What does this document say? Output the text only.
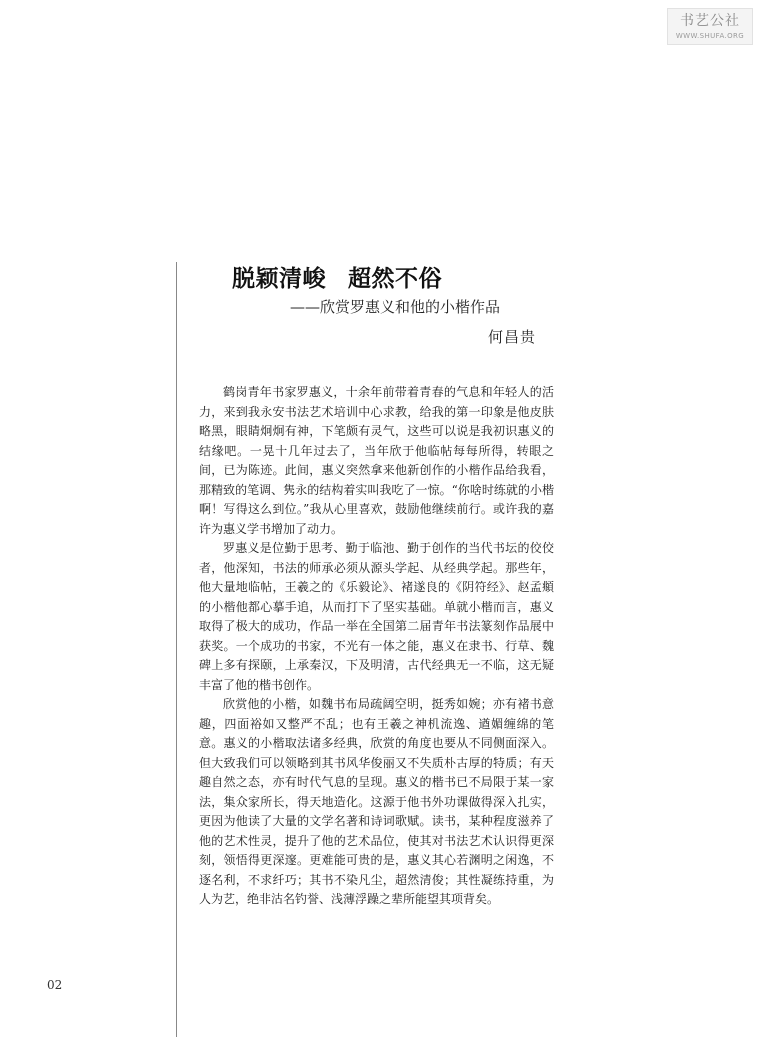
书艺公社
WWW.SHUFA.ORG
脱颖清峻 超然不俗
——欣赏罗惠义和他的小楷作品
何昌贵

鹤岗青年书家罗惠义，十余年前带着青春的气息和年轻人的活力，来到我永安书法艺术培训中心求教，给我的第一印象是他皮肤略黑，眼睛炯炯有神，下笔颇有灵气，这些可以说是我初识惠义的结缘吧。一晃十几年过去了，当年欣于他临帖每每所得，转眼之间，已为陈迹。此间，惠义突然拿来他新创作的小楷作品给我看，那精致的笔调、隽永的结构着实叫我吃了一惊。“你啥时练就的小楷啊！写得这么到位。”我从心里喜欢，鼓励他继续前行。或许我的嘉许为惠义学书增加了动力。

罗惠义是位勤于思考、勤于临池、勤于创作的当代书坛的佼佼者，他深知，书法的师承必须从源头学起、从经典学起。那些年，他大量地临帖，王羲之的《乐毅论》、褚遂良的《阴符经》、赵孟頫的小楷他都心摹手追，从而打下了坚实基础。单就小楷而言，惠义取得了极大的成功，作品一举在全国第二届青年书法篆刻作品展中获奖。一个成功的书家，不光有一体之能，惠义在隶书、行草、魏碑上多有探颐，上承秦汉，下及明清，古代经典无一不临，这无疑丰富了他的楷书创作。

欣赏他的小楷，如魏书布局疏阔空明，挺秀如婉；亦有褚书意趣，四面裕如又整严不乱；也有王羲之神机流逸、遒媚缠绵的笔意。惠义的小楷取法诸多经典，欣赏的角度也要从不同侧面深入。但大致我们可以领略到其书风华俊丽又不失质朴古厚的特质；有天趣自然之态，亦有时代气息的呈现。惠义的楷书已不局限于某一家法，集众家所长，得天地造化。这源于他书外功课做得深入扎实，更因为他读了大量的文学名著和诗词歌赋。读书，某种程度滋养了他的艺术性灵，提升了他的艺术品位，使其对书法艺术认识得更深刻，领悟得更深邃。更难能可贵的是，惠义其心若渊明之闲逸，不逐名利，不求纤巧；其书不染凡尘，超然清俊；其性凝练持重，为人为艺，绝非沽名钓誉、浅薄浮躁之辈所能望其项背矣。

02
